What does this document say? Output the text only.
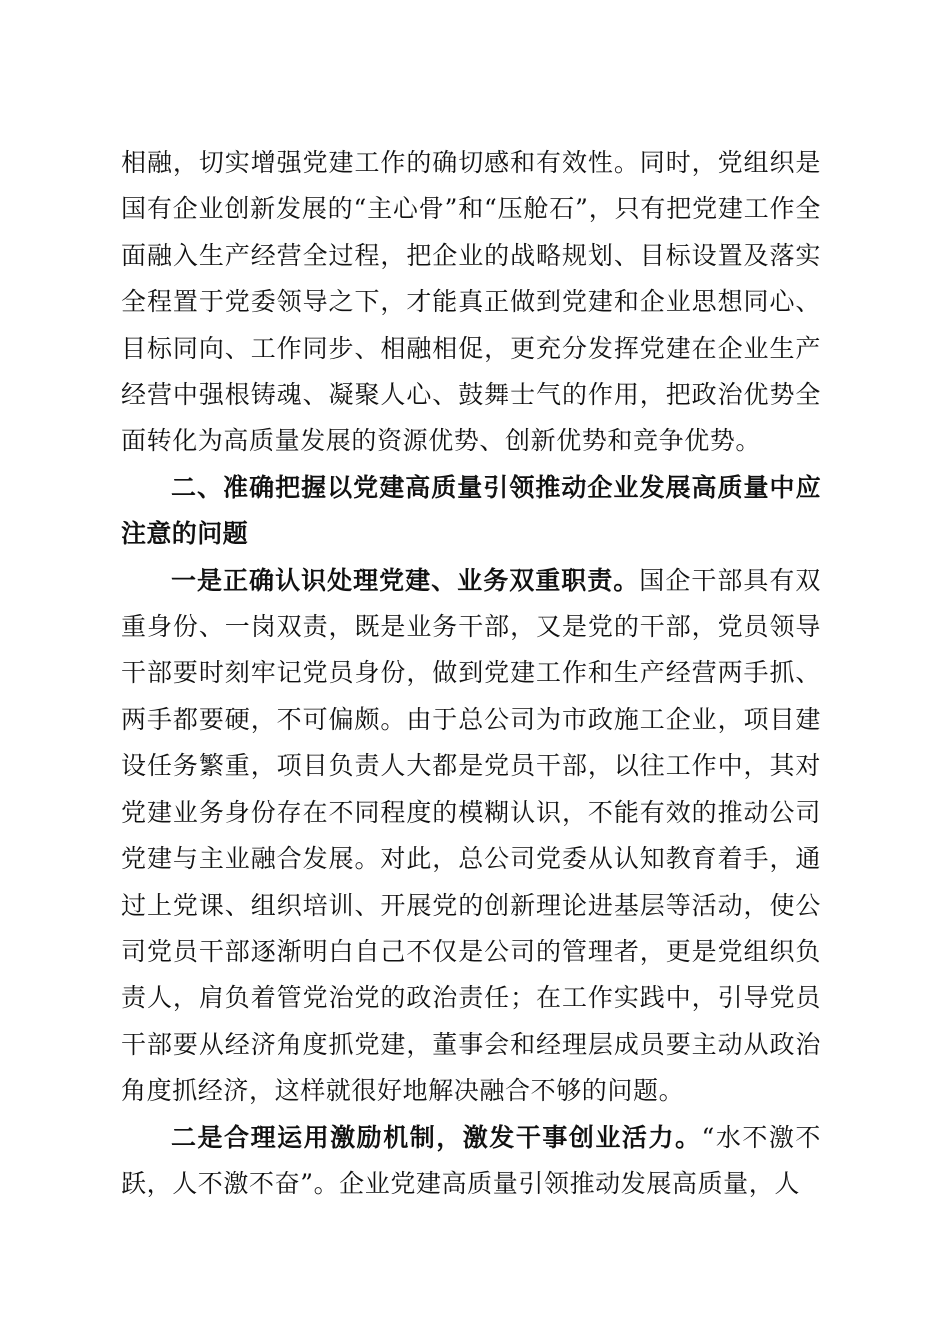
相融，切实增强党建工作的确切感和有效性。同时，党组织是国有企业创新发展的“主心骨”和“压舱石”，只有把党建工作全面融入生产经营全过程，把企业的战略规划、目标设置及落实全程置于党委领导之下，才能真正做到党建和企业思想同心、目标同向、工作同步、相融相促，更充分发挥党建在企业生产经营中强根铸魂、凝聚人心、鼓舞士气的作用，把政治优势全面转化为高质量发展的资源优势、创新优势和竞争优势。

二、准确把握以党建高质量引领推动企业发展高质量中应注意的问题

一是正确认识处理党建、业务双重职责。国企干部具有双重身份、一岗双责，既是业务干部，又是党的干部，党员领导干部要时刻牢记党员身份，做到党建工作和生产经营两手抓、两手都要硬，不可偏颇。由于总公司为市政施工企业，项目建设任务繁重，项目负责人大都是党员干部，以往工作中，其对党建业务身份存在不同程度的模糊认识，不能有效的推动公司党建与主业融合发展。对此，总公司党委从认知教育着手，通过上党课、组织培训、开展党的创新理论进基层等活动，使公司党员干部逐渐明白自己不仅是公司的管理者，更是党组织负责人，肩负着管党治党的政治责任；在工作实践中，引导党员干部要从经济角度抓党建，董事会和经理层成员要主动从政治角度抓经济，这样就很好地解决融合不够的问题。

二是合理运用激励机制，激发干事创业活力。“水不激不跃，人不激不奋”。企业党建高质量引领推动发展高质量，人
